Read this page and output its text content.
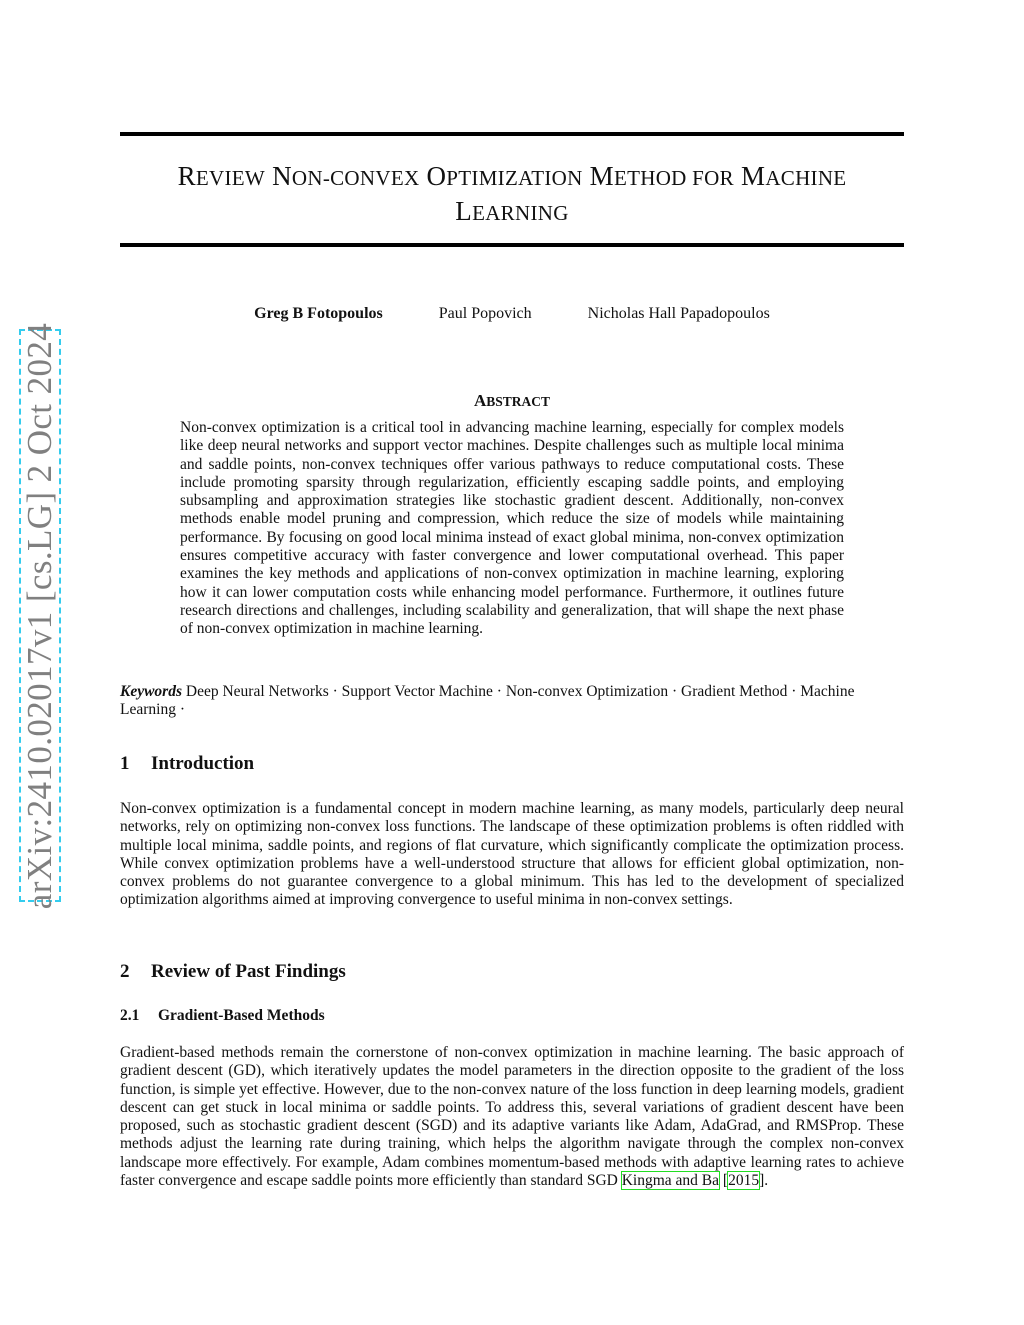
arXiv:2410.02017v1 [cs.LG] 2 Oct 2024
REVIEW NON-CONVEX OPTIMIZATION METHOD FOR MACHINE
LEARNING
Greg B Fotopoulos	Paul Popovich	Nicholas Hall Papadopoulos
ABSTRACT

Non-convex optimization is a critical tool in advancing machine learning, especially for complex models like deep neural networks and support vector machines. Despite challenges such as multiple local minima and saddle points, non-convex techniques offer various pathways to reduce computational costs. These include promoting sparsity through regularization, efficiently escaping saddle points, and employing subsampling and approximation strategies like stochastic gradient descent. Additionally, non-convex methods enable model pruning and compression, which reduce the size of models while maintaining performance. By focusing on good local minima instead of exact global minima, non-convex optimization ensures competitive accuracy with faster convergence and lower computational overhead. This paper examines the key methods and applications of non-convex optimization in machine learning, exploring how it can lower computation costs while enhancing model performance. Furthermore, it outlines future research directions and challenges, including scalability and generalization, that will shape the next phase of non-convex optimization in machine learning.

Keywords Deep Neural Networks · Support Vector Machine · Non-convex Optimization · Gradient Method · Machine Learning ·

1 Introduction

Non-convex optimization is a fundamental concept in modern machine learning, as many models, particularly deep neural networks, rely on optimizing non-convex loss functions. The landscape of these optimization problems is often riddled with multiple local minima, saddle points, and regions of flat curvature, which significantly complicate the optimization process. While convex optimization problems have a well-understood structure that allows for efficient global optimization, non-convex problems do not guarantee convergence to a global minimum. This has led to the development of specialized optimization algorithms aimed at improving convergence to useful minima in non-convex settings.

2 Review of Past Findings
2.1 Gradient-Based Methods

Gradient-based methods remain the cornerstone of non-convex optimization in machine learning. The basic approach of gradient descent (GD), which iteratively updates the model parameters in the direction opposite to the gradient of the loss function, is simple yet effective. However, due to the non-convex nature of the loss function in deep learning models, gradient descent can get stuck in local minima or saddle points. To address this, several variations of gradient descent have been proposed, such as stochastic gradient descent (SGD) and its adaptive variants like Adam, AdaGrad, and RMSProp. These methods adjust the learning rate during training, which helps the algorithm navigate through the complex non-convex landscape more effectively. For example, Adam combines momentum-based methods with adaptive learning rates to achieve faster convergence and escape saddle points more efficiently than standard SGD Kingma and Ba [2015].
